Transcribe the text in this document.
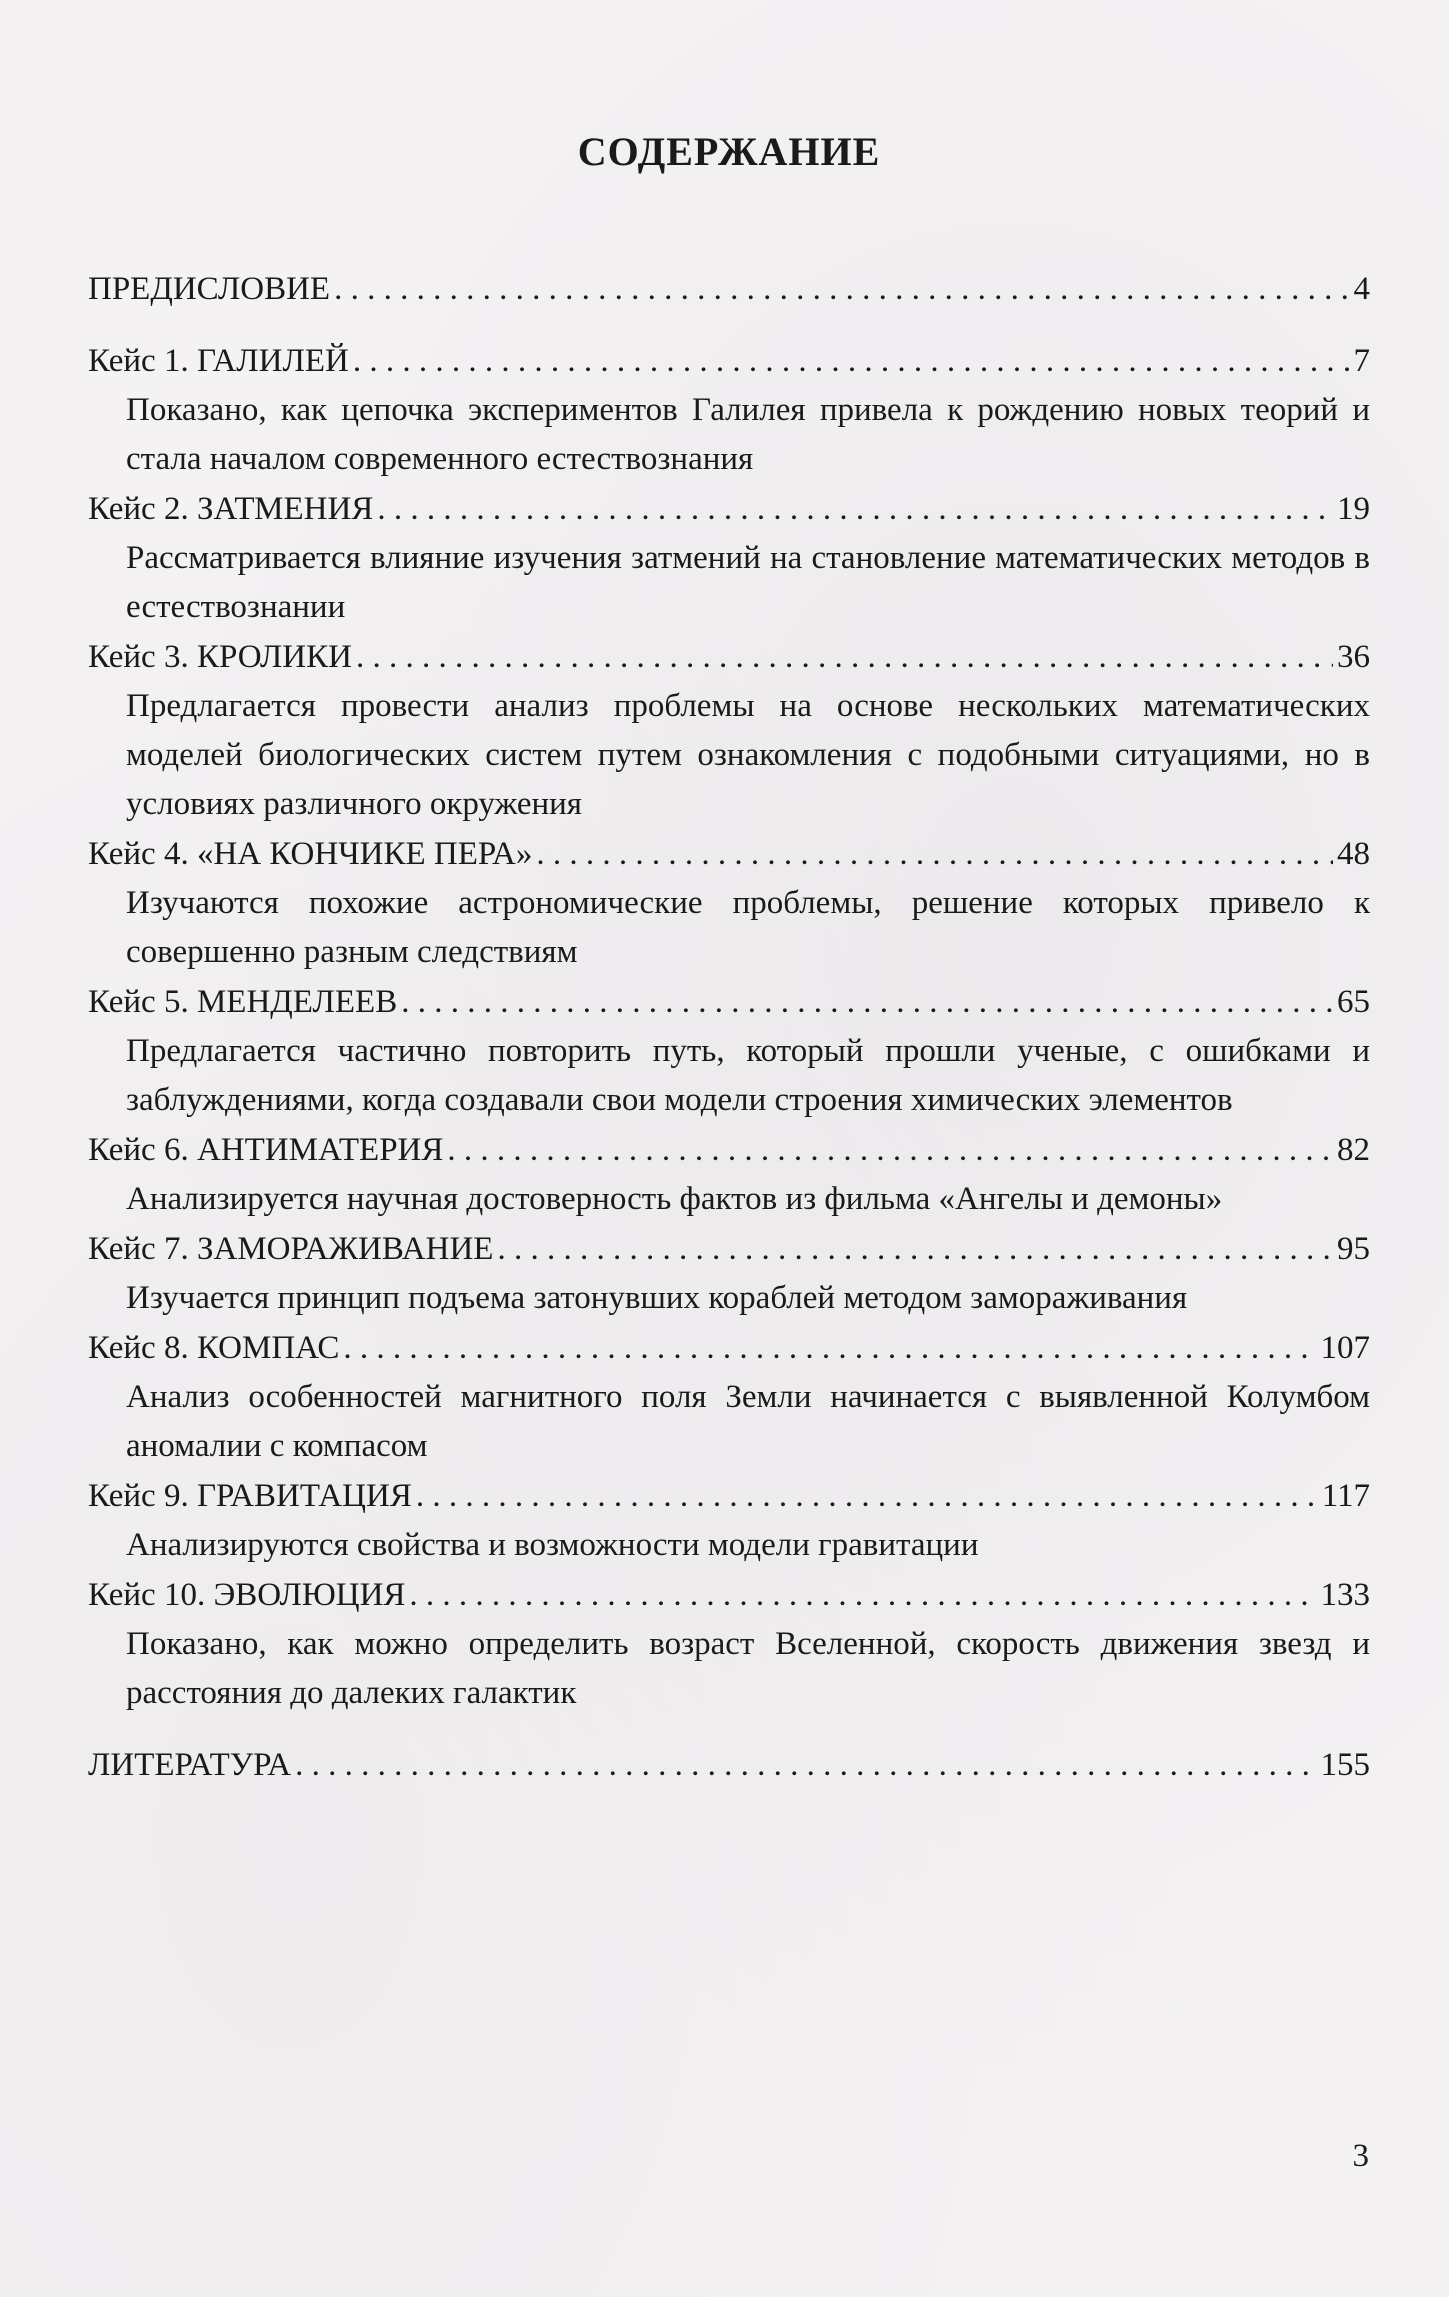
СОДЕРЖАНИЕ
ПРЕДИСЛОВИЕ . . .	4
Кейс 1. ГАЛИЛЕЙ . . .	7
Показано, как цепочка экспериментов Галилея привела к рождению новых теорий и стала началом современного естествознания
Кейс 2. ЗАТМЕНИЯ . . .	19
Рассматривается влияние изучения затмений на становление математических методов в естествознании
Кейс 3. КРОЛИКИ . . .	36
Предлагается провести анализ проблемы на основе нескольких математических моделей биологических систем путем ознакомления с подобными ситуациями, но в условиях различного окружения
Кейс 4. «НА КОНЧИКЕ ПЕРА» . . .	48
Изучаются похожие астрономические проблемы, решение которых привело к совершенно разным следствиям
Кейс 5. МЕНДЕЛЕЕВ . . .	65
Предлагается частично повторить путь, который прошли ученые, с ошибками и заблуждениями, когда создавали свои модели строения химических элементов
Кейс 6. АНТИМАТЕРИЯ . . .	82
Анализируется научная достоверность фактов из фильма «Ангелы и демоны»
Кейс 7. ЗАМОРАЖИВАНИЕ . . .	95
Изучается принцип подъема затонувших кораблей методом замораживания
Кейс 8. КОМПАС . . .	107
Анализ особенностей магнитного поля Земли начинается с выявленной Колумбом аномалии с компасом
Кейс 9. ГРАВИТАЦИЯ . . .	117
Анализируются свойства и возможности модели гравитации
Кейс 10. ЭВОЛЮЦИЯ . . .	133
Показано, как можно определить возраст Вселенной, скорость движения звезд и расстояния до далеких галактик
ЛИТЕРАТУРА . . .	155
3
